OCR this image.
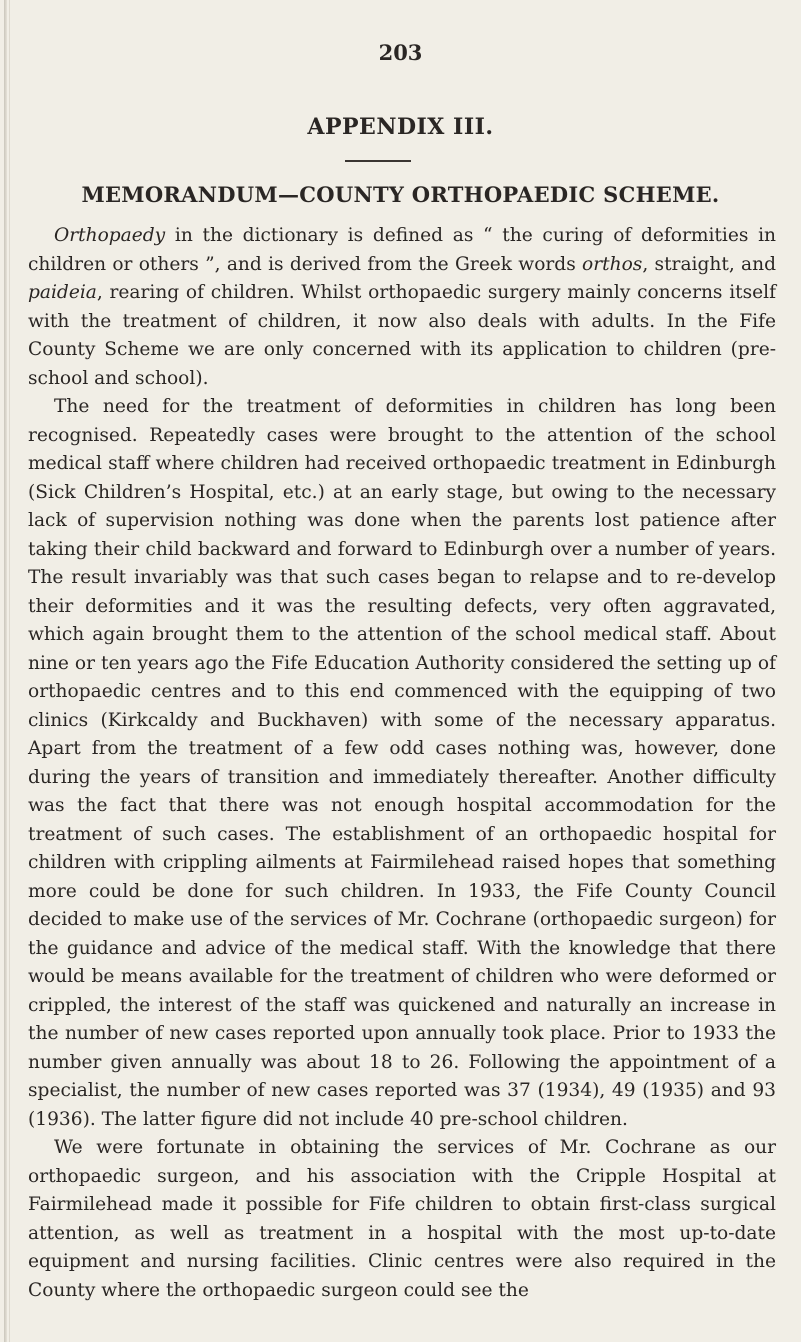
203
APPENDIX III.
MEMORANDUM—COUNTY ORTHOPAEDIC SCHEME.

Orthopaedy in the dictionary is defined as “ the curing of deformities in children or others ”, and is derived from the Greek words orthos, straight, and paideia, rearing of children. Whilst orthopaedic surgery mainly concerns itself with the treatment of children, it now also deals with adults. In the Fife County Scheme we are only concerned with its application to children (pre-school and school).

The need for the treatment of deformities in children has long been recognised. Repeatedly cases were brought to the attention of the school medical staff where children had received orthopaedic treatment in Edinburgh (Sick Children’s Hospital, etc.) at an early stage, but owing to the necessary lack of supervision nothing was done when the parents lost patience after taking their child backward and forward to Edinburgh over a number of years. The result invariably was that such cases began to relapse and to re-develop their deformities and it was the resulting defects, very often aggravated, which again brought them to the attention of the school medical staff. About nine or ten years ago the Fife Education Authority considered the setting up of orthopaedic centres and to this end commenced with the equipping of two clinics (Kirkcaldy and Buckhaven) with some of the necessary apparatus. Apart from the treatment of a few odd cases nothing was, however, done during the years of transition and immediately thereafter. Another difficulty was the fact that there was not enough hospital accommodation for the treatment of such cases. The establishment of an orthopaedic hospital for children with crippling ailments at Fairmilehead raised hopes that something more could be done for such children. In 1933, the Fife County Council decided to make use of the services of Mr. Cochrane (orthopaedic surgeon) for the guidance and advice of the medical staff. With the knowledge that there would be means available for the treatment of children who were deformed or crippled, the interest of the staff was quickened and naturally an increase in the number of new cases reported upon annually took place. Prior to 1933 the number given annually was about 18 to 26. Following the appointment of a specialist, the number of new cases reported was 37 (1934), 49 (1935) and 93 (1936). The latter figure did not include 40 pre-school children.

We were fortunate in obtaining the services of Mr. Cochrane as our orthopaedic surgeon, and his association with the Cripple Hospital at Fairmilehead made it possible for Fife children to obtain first-class surgical attention, as well as treatment in a hospital with the most up-to-date equipment and nursing facilities. Clinic centres were also required in the County where the orthopaedic surgeon could see the
